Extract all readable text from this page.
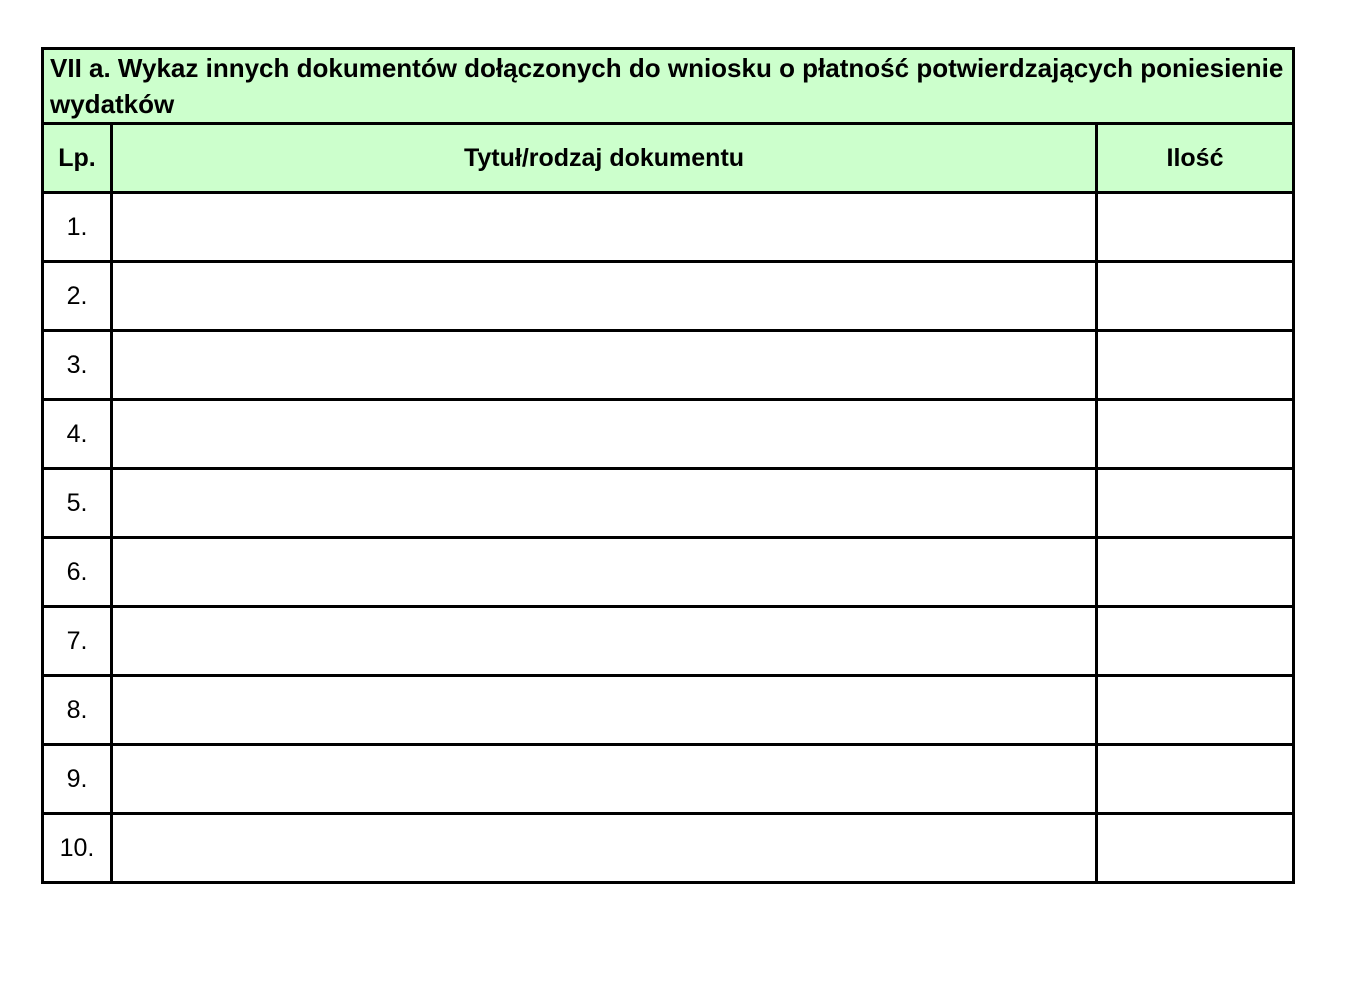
VII a. Wykaz innych dokumentów dołączonych do wniosku o płatność potwierdzających poniesienie wydatków		
Lp.	Tytuł/rodzaj dokumentu	Ilość
1.		
2.		
3.		
4.		
5.		
6.		
7.		
8.		
9.		
10.		
